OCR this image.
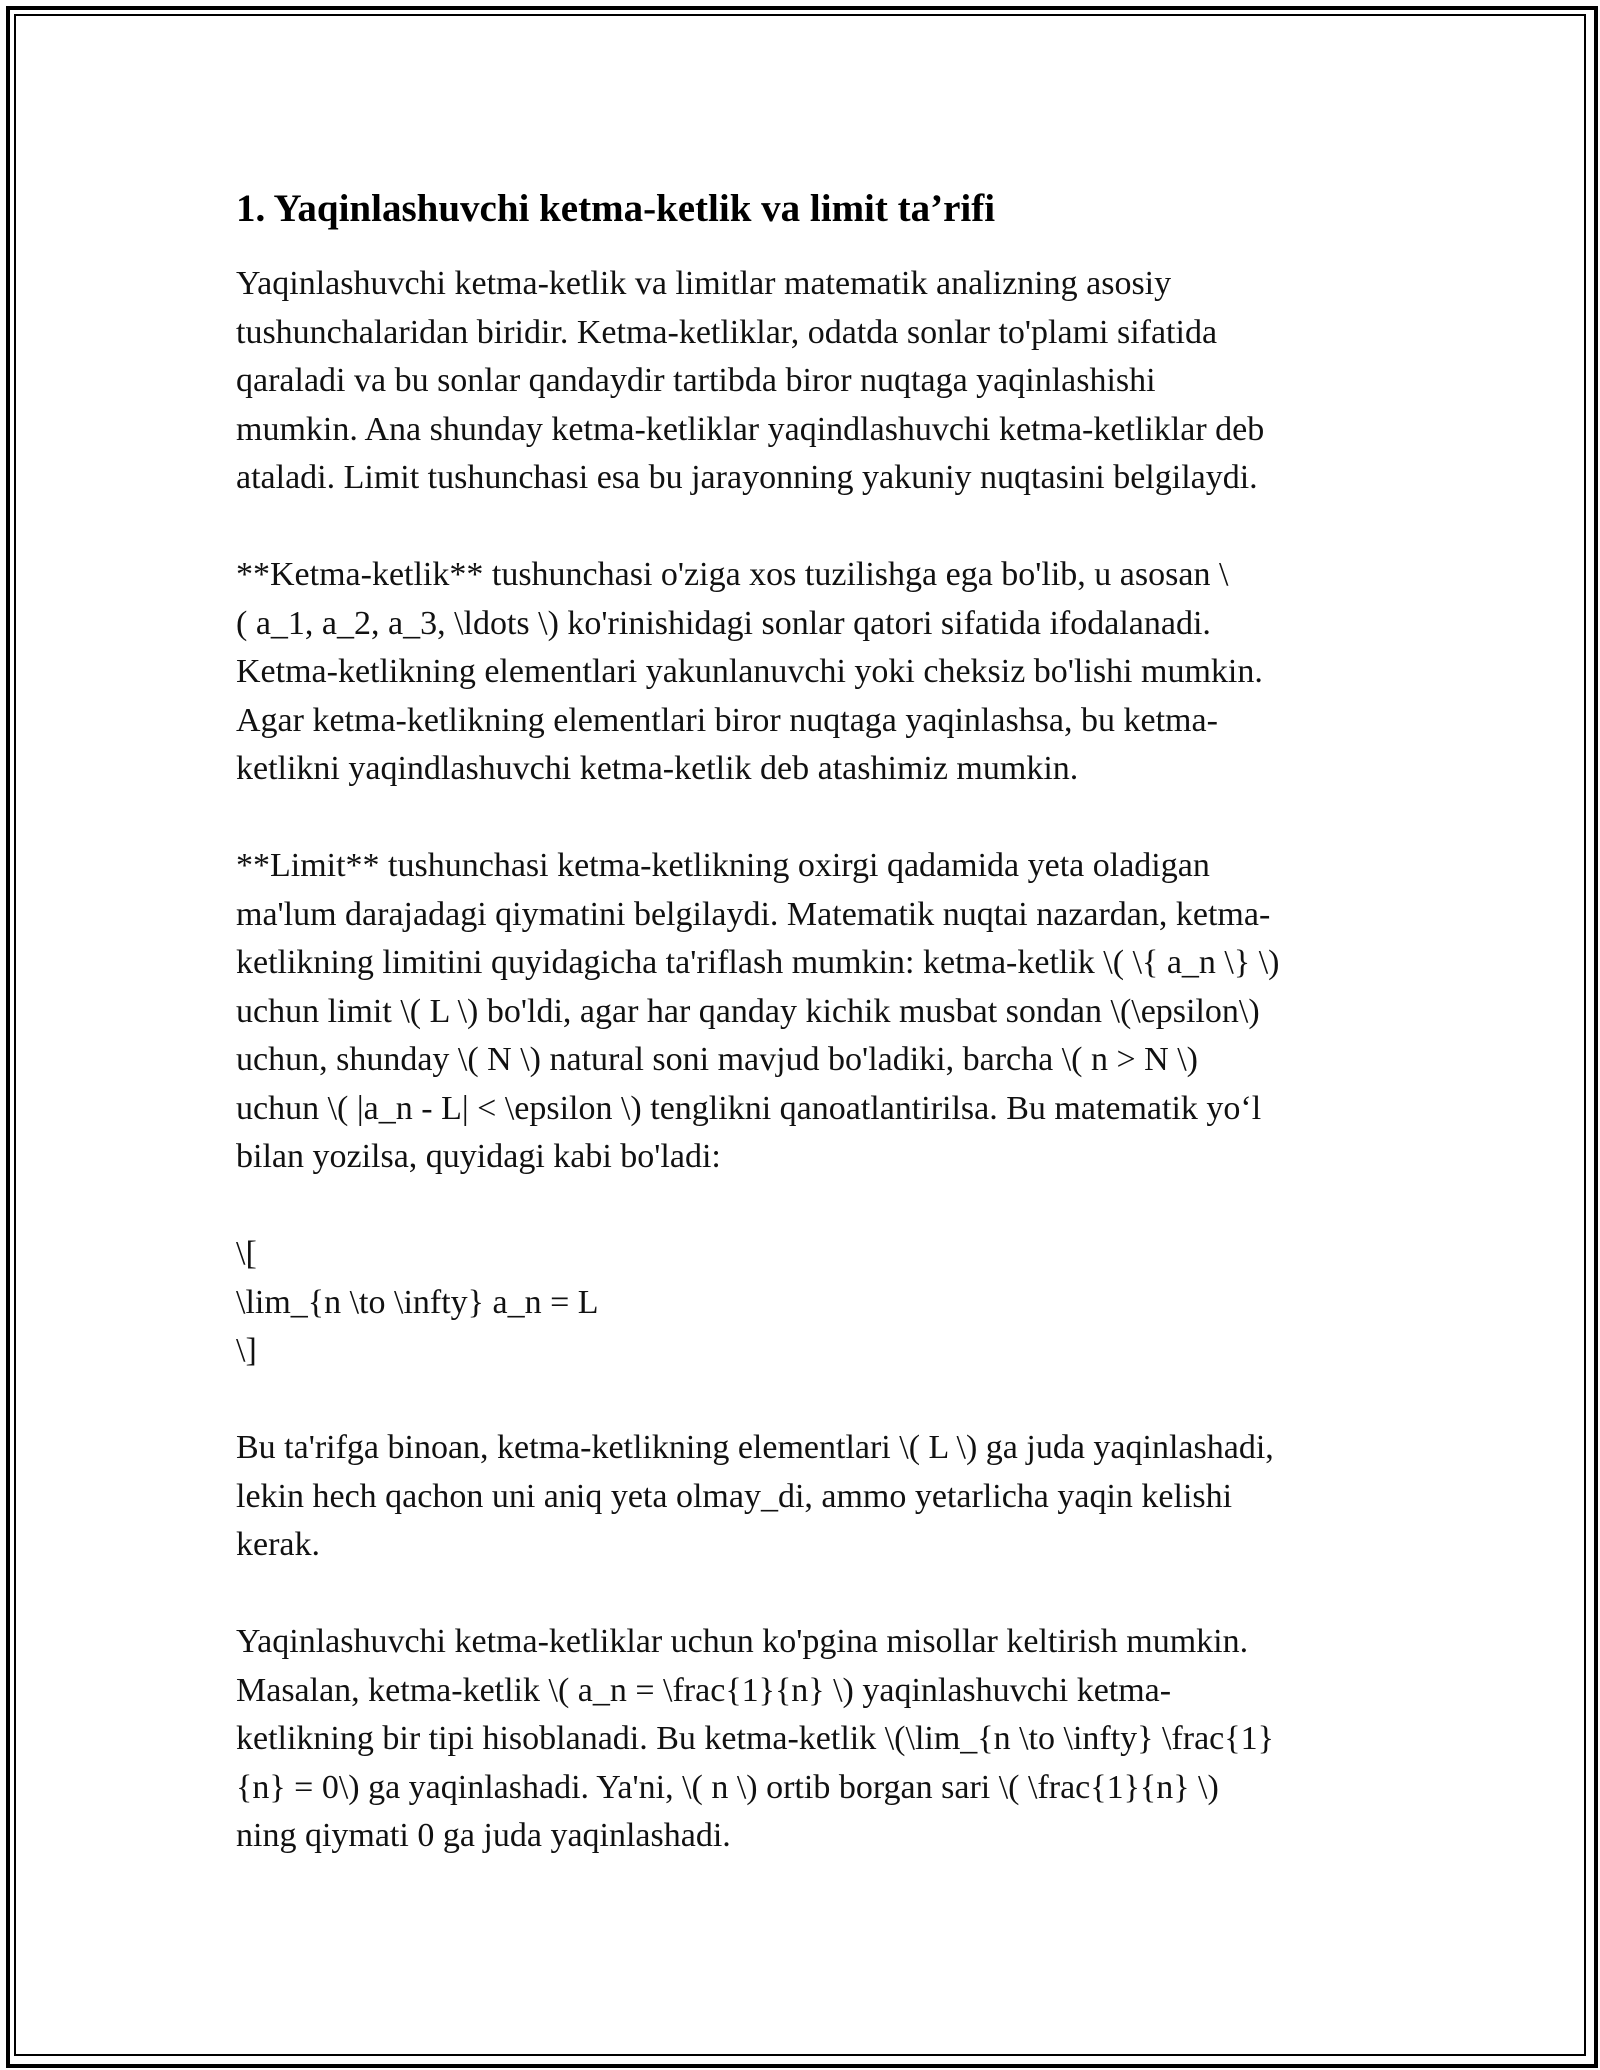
1. Yaqinlashuvchi ketma-ketlik va limit ta’rifi

Yaqinlashuvchi ketma-ketlik va limitlar matematik analizning asosiy
tushunchalaridan biridir. Ketma-ketliklar, odatda sonlar to'plami sifatida
qaraladi va bu sonlar qandaydir tartibda biror nuqtaga yaqinlashishi
mumkin. Ana shunday ketma-ketliklar yaqindlashuvchi ketma-ketliklar deb
ataladi. Limit tushunchasi esa bu jarayonning yakuniy nuqtasini belgilaydi.

**Ketma-ketlik** tushunchasi o'ziga xos tuzilishga ega bo'lib, u asosan \
( a_1, a_2, a_3, \ldots \) ko'rinishidagi sonlar qatori sifatida ifodalanadi.
Ketma-ketlikning elementlari yakunlanuvchi yoki cheksiz bo'lishi mumkin.
Agar ketma-ketlikning elementlari biror nuqtaga yaqinlashsa, bu ketma-
ketlikni yaqindlashuvchi ketma-ketlik deb atashimiz mumkin.

**Limit** tushunchasi ketma-ketlikning oxirgi qadamida yeta oladigan
ma'lum darajadagi qiymatini belgilaydi. Matematik nuqtai nazardan, ketma-
ketlikning limitini quyidagicha ta'riflash mumkin: ketma-ketlik \( \{ a_n \} \)
uchun limit \( L \) bo'ldi, agar har qanday kichik musbat sondan \(\epsilon\)
uchun, shunday \( N \) natural soni mavjud bo'ladiki, barcha \( n > N \)
uchun \( |a_n - L| < \epsilon \) tenglikni qanoatlantirilsa. Bu matematik yo‘l
bilan yozilsa, quyidagi kabi bo'ladi:

\[
\lim_{n \to \infty} a_n = L
\]

Bu ta'rifga binoan, ketma-ketlikning elementlari \( L \) ga juda yaqinlashadi,
lekin hech qachon uni aniq yeta olmay_di, ammo yetarlicha yaqin kelishi
kerak.

Yaqinlashuvchi ketma-ketliklar uchun ko'pgina misollar keltirish mumkin.
Masalan, ketma-ketlik \( a_n = \frac{1}{n} \) yaqinlashuvchi ketma-
ketlikning bir tipi hisoblanadi. Bu ketma-ketlik \(\lim_{n \to \infty} \frac{1}
{n} = 0\) ga yaqinlashadi. Ya'ni, \( n \) ortib borgan sari \( \frac{1}{n} \)
ning qiymati 0 ga juda yaqinlashadi.
